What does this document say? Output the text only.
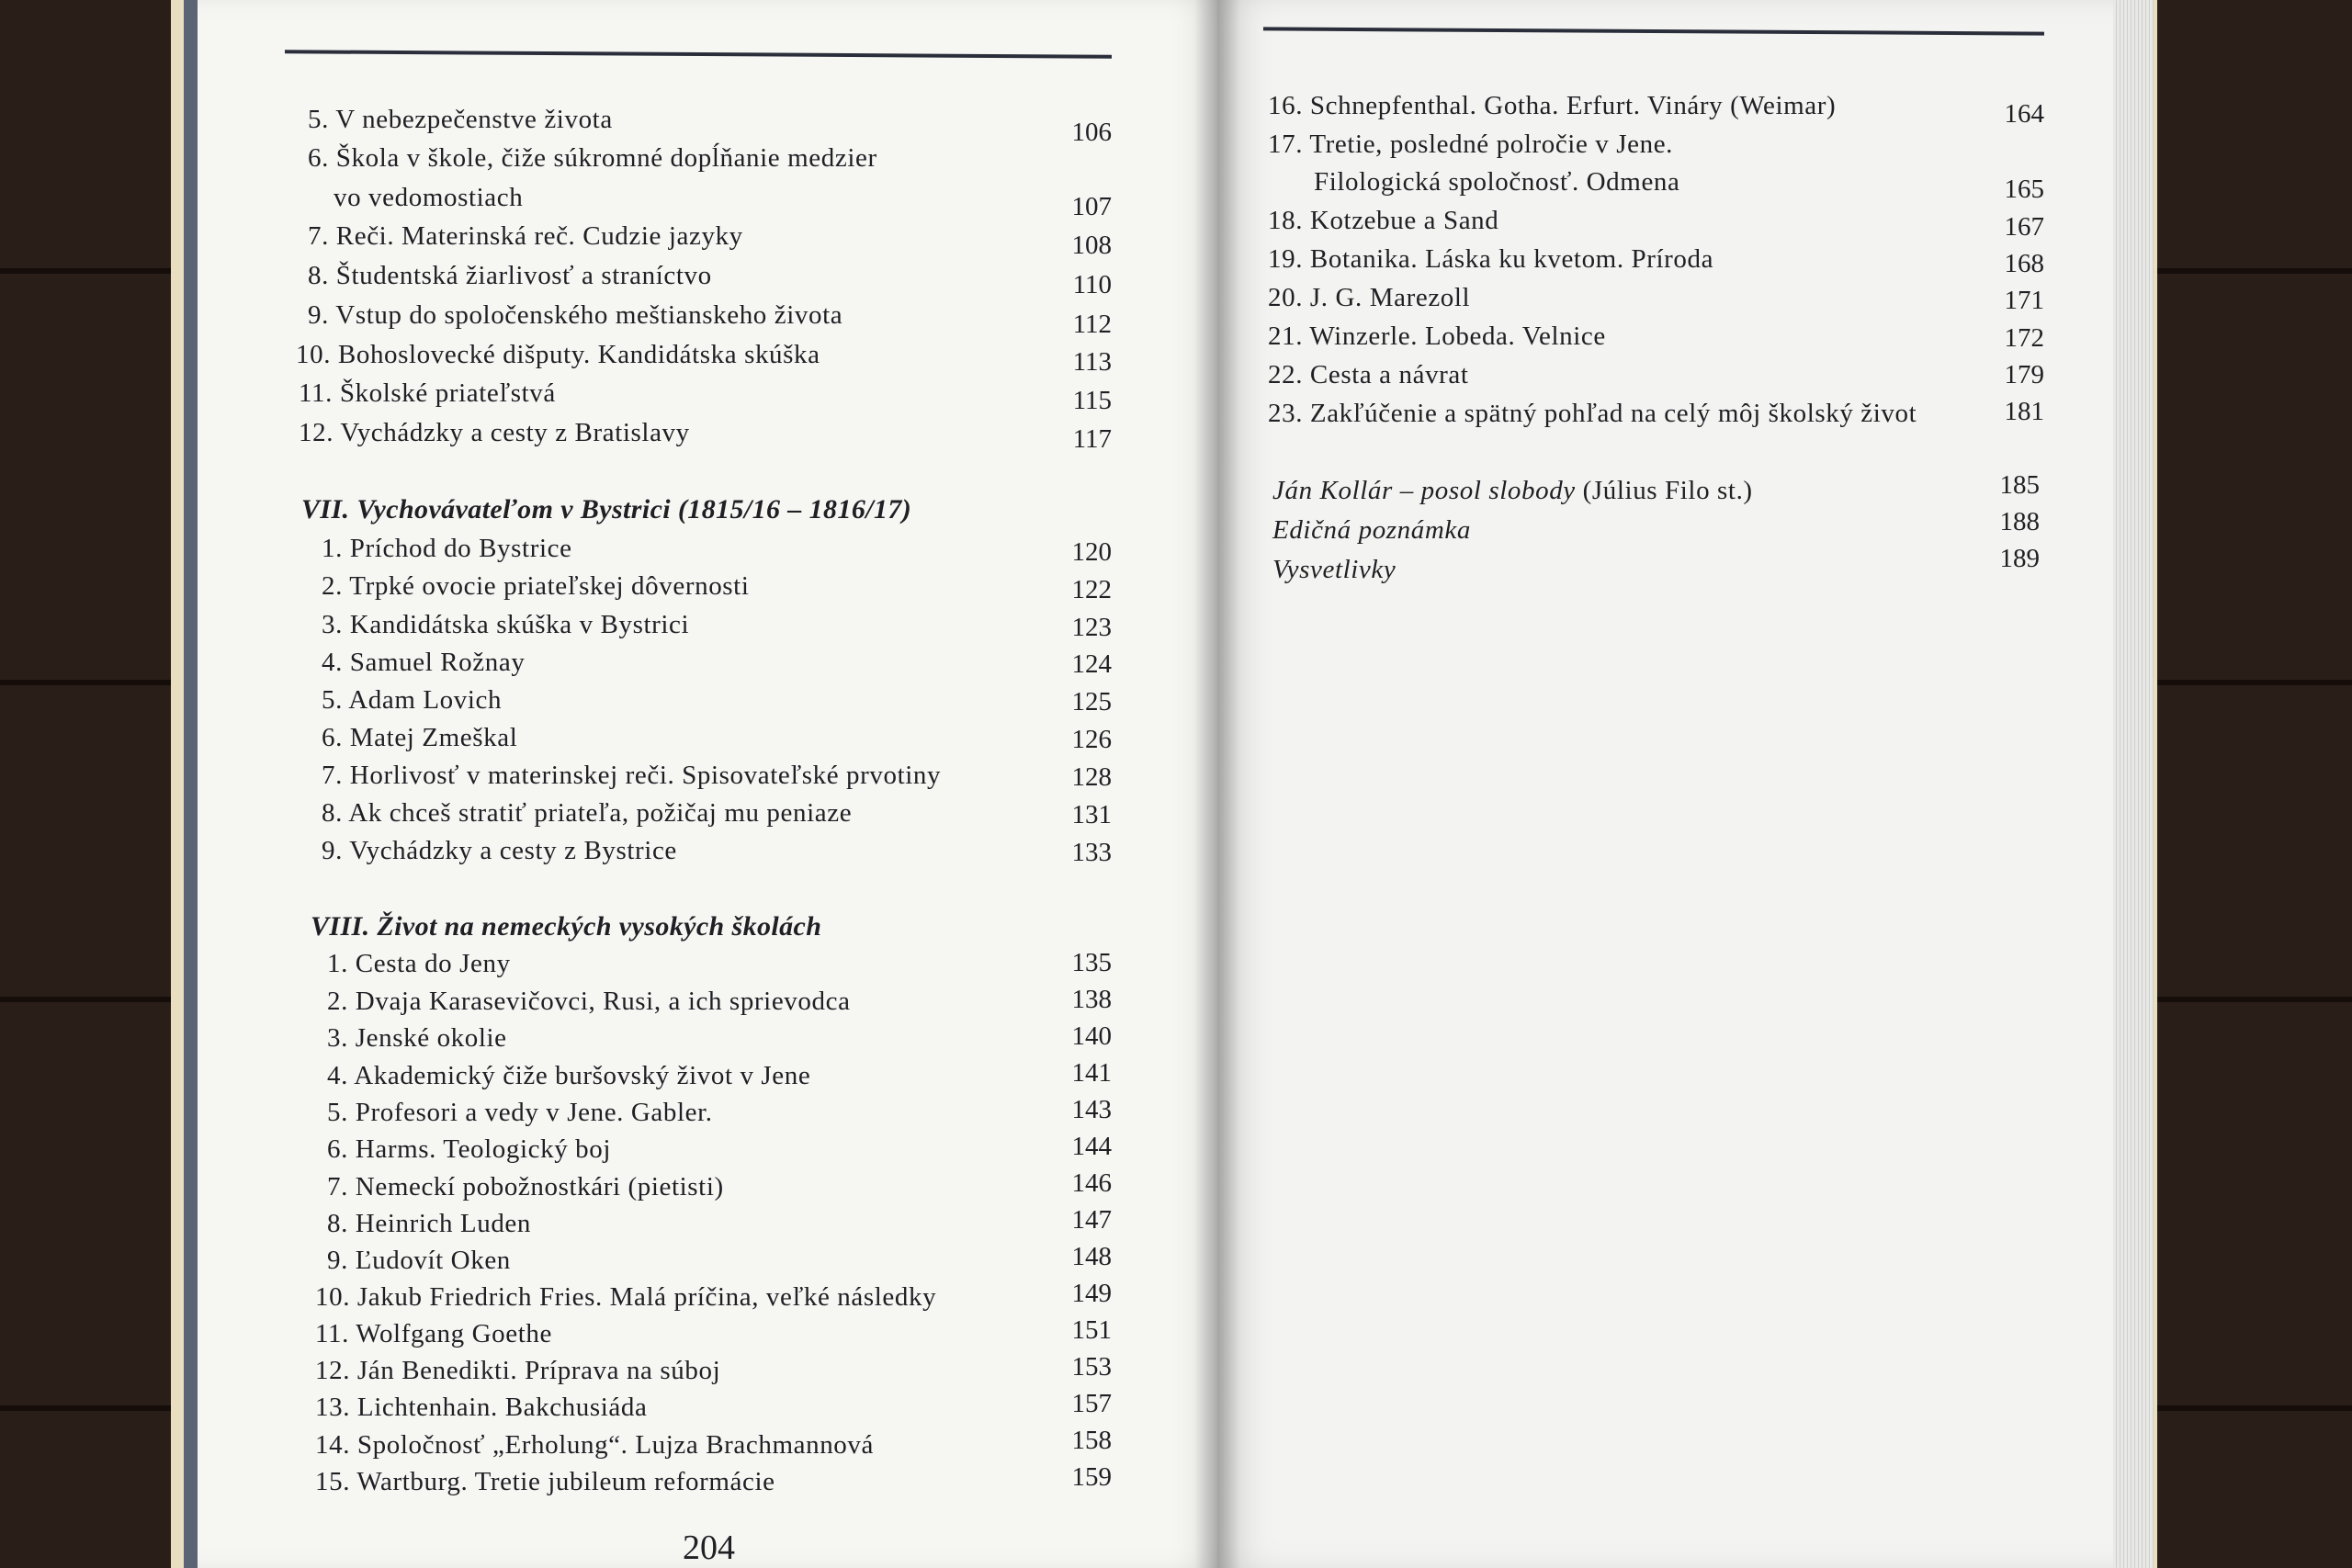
5. V nebezpečenstve života	106
6. Škola v škole, čiže súkromné dopĺňanie medzier
vo vedomostiach	107
7. Reči. Materinská reč. Cudzie jazyky	108
8. Študentská žiarlivosť a straníctvo	110
9. Vstup do spoločenského meštianskeho života	112
10. Bohoslovecké dišputy. Kandidátska skúška	113
11. Školské priateľstvá	115
12. Vychádzky a cesty z Bratislavy	117
VII. Vychovávateľom v Bystrici (1815/16 – 1816/17)
1. Príchod do Bystrice	120
2. Trpké ovocie priateľskej dôvernosti	122
3. Kandidátska skúška v Bystrici	123
4. Samuel Rožnay	124
5. Adam Lovich	125
6. Matej Zmeškal	126
7. Horlivosť v materinskej reči. Spisovateľské prvotiny	128
8. Ak chceš stratiť priateľa, požičaj mu peniaze	131
9. Vychádzky a cesty z Bystrice	133
VIII. Život na nemeckých vysokých školách
1. Cesta do Jeny	135
2. Dvaja Karasevičovci, Rusi, a ich sprievodca	138
3. Jenské okolie	140
4. Akademický čiže buršovský život v Jene	141
5. Profesori a vedy v Jene. Gabler.	143
6. Harms. Teologický boj	144
7. Nemeckí pobožnostkári (pietisti)	146
8. Heinrich Luden	147
9. Ľudovít Oken	148
10. Jakub Friedrich Fries. Malá príčina, veľké následky	149
11. Wolfgang Goethe	151
12. Ján Benedikti. Príprava na súboj	153
13. Lichtenhain. Bakchusiáda	157
14. Spoločnosť „Erholung“. Lujza Brachmannová	158
15. Wartburg. Tretie jubileum reformácie	159
204
16. Schnepfenthal. Gotha. Erfurt. Vináry (Weimar)	164
17. Tretie, posledné polročie v Jene.
Filologická spoločnosť. Odmena	165
18. Kotzebue a Sand	167
19. Botanika. Láska ku kvetom. Príroda	168
20. J. G. Marezoll	171
21. Winzerle. Lobeda. Velnice	172
22. Cesta a návrat	179
23. Zakľúčenie a spätný pohľad na celý môj školský život	181
Ján Kollár – posol slobody (Július Filo st.)	185
Edičná poznámka	188
Vysvetlivky	189
